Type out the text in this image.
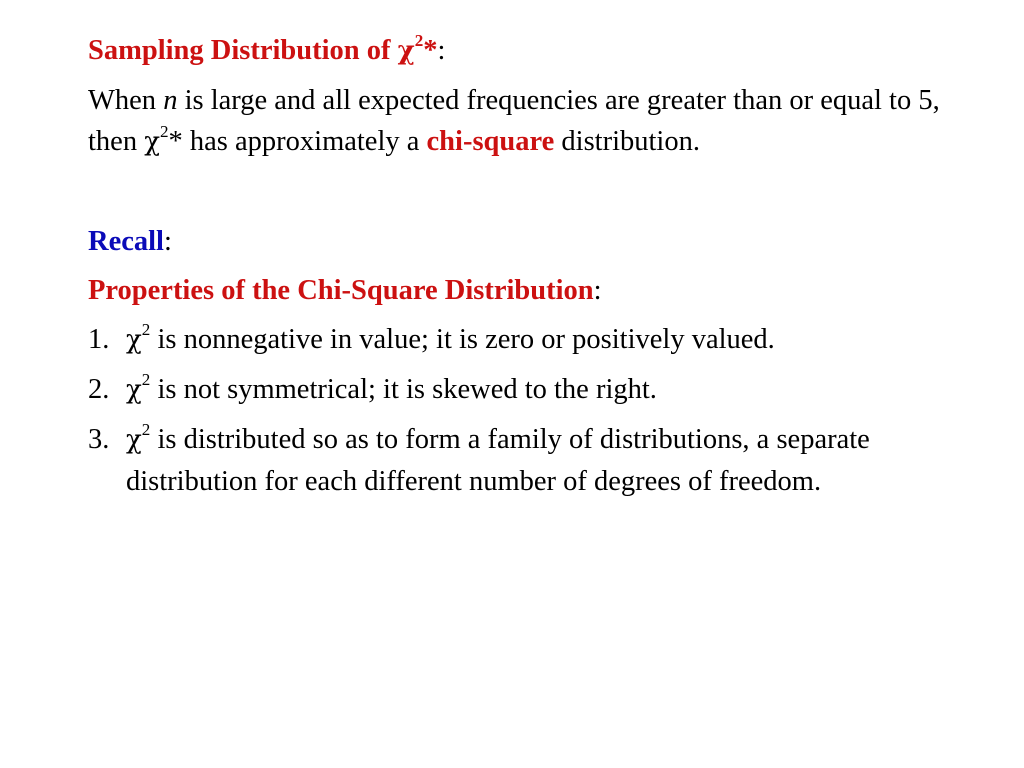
Sampling Distribution of $\chi^2*$:

When n is large and all expected frequencies are greater than or equal to 5, then $\chi^2*$ has approximately a chi-square distribution.

Recall:

Properties of the Chi-Square Distribution:

1. $\chi^2$ is nonnegative in value; it is zero or positively valued.
2. $\chi^2$ is not symmetrical; it is skewed to the right.
3. $\chi^2$ is distributed so as to form a family of distributions, a separate distribution for each different number of degrees of freedom.
